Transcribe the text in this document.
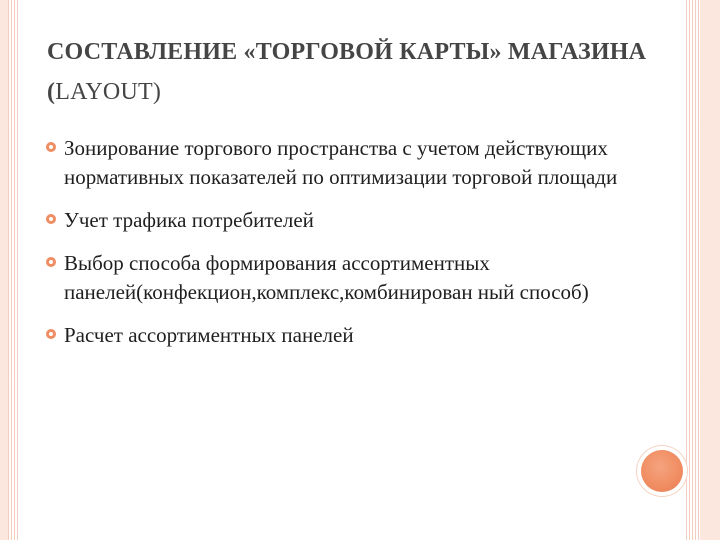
СОСТАВЛЕНИЕ «ТОРГОВОЙ КАРТЫ» МАГАЗИНА (LAYOUT)
Зонирование торгового пространства с учетом действующих нормативных показателей по оптимизации торговой площади
Учет трафика потребителей
Выбор способа формирования ассортиментных панелей(конфекцион,комплекс,комбинирован ный способ)
Расчет ассортиментных панелей
